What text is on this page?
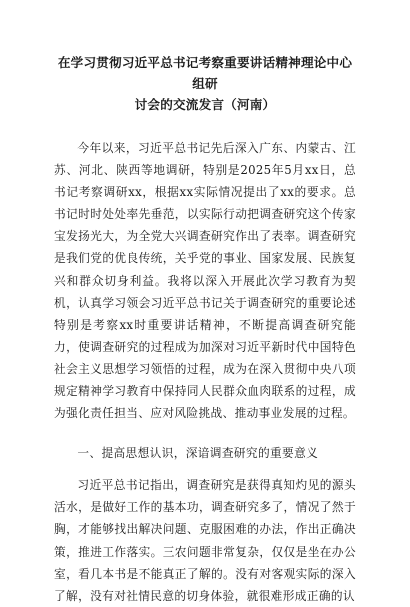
在学习贯彻习近平总书记考察重要讲话精神理论中心组研
讨会的交流发言（河南）

今年以来，习近平总书记先后深入广东、内蒙古、江苏、河北、陕西等地调研，特别是2025年5月xx日，总书记考察调研xx，根据xx实际情况提出了xx的要求。总书记时时处处率先垂范，以实际行动把调查研究这个传家宝发扬光大，为全党大兴调查研究作出了表率。调查研究是我们党的优良传统，关乎党的事业、国家发展、民族复兴和群众切身利益。我将以深入开展此次学习教育为契机，认真学习领会习近平总书记关于调查研究的重要论述特别是考察xx时重要讲话精神，不断提高调查研究能力，使调查研究的过程成为加深对习近平新时代中国特色社会主义思想学习领悟的过程，成为在深入贯彻中央八项规定精神学习教育中保持同人民群众血肉联系的过程，成为强化责任担当、应对风险挑战、推动事业发展的过程。

一、提高思想认识，深谙调查研究的重要意义

习近平总书记指出，调查研究是获得真知灼见的源头活水，是做好工作的基本功，调查研究多了，情况了然于胸，才能够找出解决问题、克服困难的办法，作出正确决策，推进工作落实。三农问题非常复杂，仅仅是坐在办公室，看几本书是不能真正了解的。没有对客观实际的深入了解，没有对社情民意的切身体验，就很难形成正确的认
